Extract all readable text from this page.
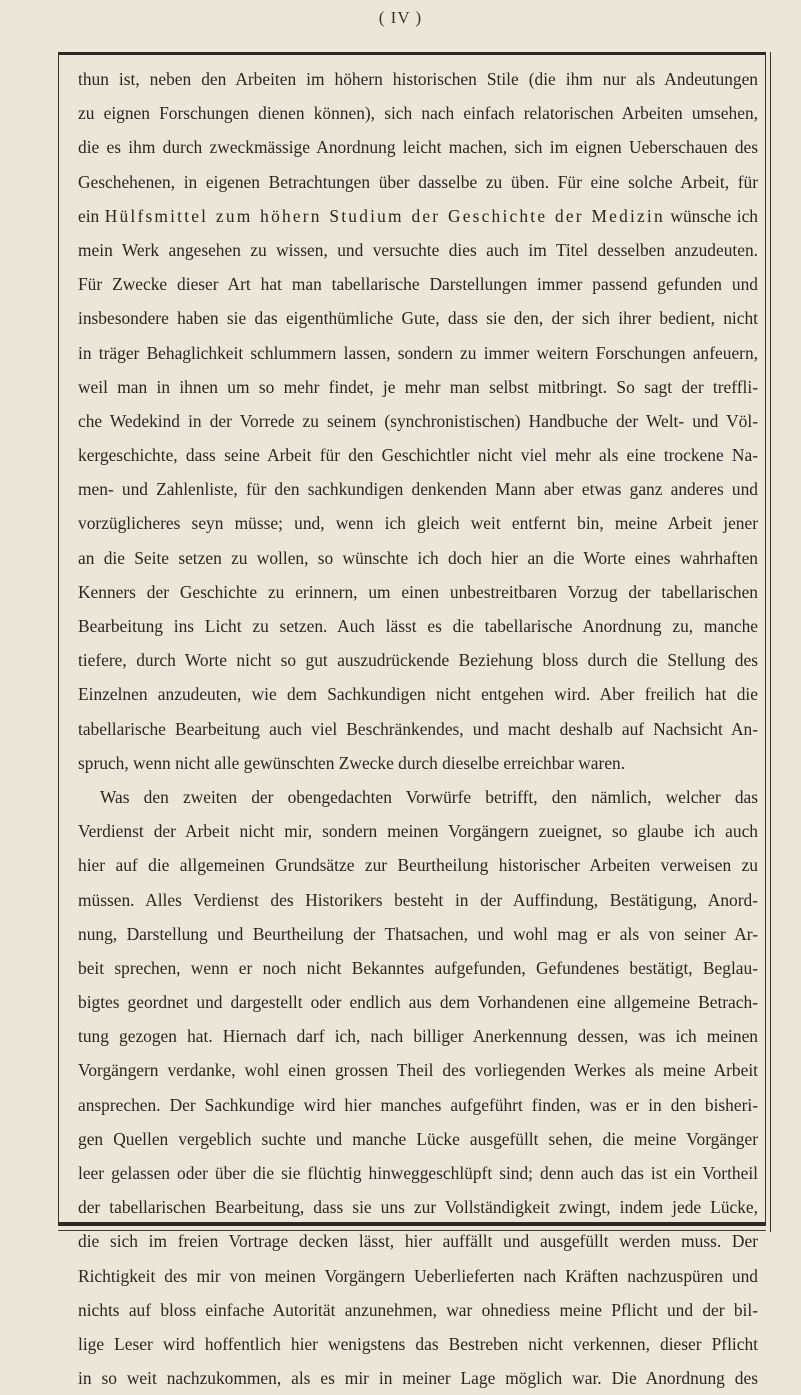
( IV )
thun ist, neben den Arbeiten im höhern historischen Stile (die ihm nur als Andeutungen
zu eignen Forschungen dienen können), sich nach einfach relatorischen Arbeiten umsehen,
die es ihm durch zweckmässige Anordnung leicht machen, sich im eignen Ueberschauen des
Geschehenen, in eigenen Betrachtungen über dasselbe zu üben. Für eine solche Arbeit, für
ein Hülfsmittel zum höhern Studium der Geschichte der Medizin wünsche ich
mein Werk angesehen zu wissen, und versuchte dies auch im Titel desselben anzudeuten.
Für Zwecke dieser Art hat man tabellarische Darstellungen immer passend gefunden und
insbesondere haben sie das eigenthümliche Gute, dass sie den, der sich ihrer bedient, nicht
in träger Behaglichkeit schlummern lassen, sondern zu immer weitern Forschungen anfeuern,
weil man in ihnen um so mehr findet, je mehr man selbst mitbringt. So sagt der treffli-
che Wedekind in der Vorrede zu seinem (synchronistischen) Handbuche der Welt- und Völ-
kergeschichte, dass seine Arbeit für den Geschichtler nicht viel mehr als eine trockene Na-
men- und Zahlenliste, für den sachkundigen denkenden Mann aber etwas ganz anderes und
vorzüglicheres seyn müsse; und, wenn ich gleich weit entfernt bin, meine Arbeit jener
an die Seite setzen zu wollen, so wünschte ich doch hier an die Worte eines wahrhaften
Kenners der Geschichte zu erinnern, um einen unbestreitbaren Vorzug der tabellarischen
Bearbeitung ins Licht zu setzen. Auch lässt es die tabellarische Anordnung zu, manche
tiefere, durch Worte nicht so gut auszudrückende Beziehung bloss durch die Stellung des
Einzelnen anzudeuten, wie dem Sachkundigen nicht entgehen wird. Aber freilich hat die
tabellarische Bearbeitung auch viel Beschränkendes, und macht deshalb auf Nachsicht An-
spruch, wenn nicht alle gewünschten Zwecke durch dieselbe erreichbar waren.
Was den zweiten der obengedachten Vorwürfe betrifft, den nämlich, welcher das
Verdienst der Arbeit nicht mir, sondern meinen Vorgängern zueignet, so glaube ich auch
hier auf die allgemeinen Grundsätze zur Beurtheilung historischer Arbeiten verweisen zu
müssen. Alles Verdienst des Historikers besteht in der Auffindung, Bestätigung, Anord-
nung, Darstellung und Beurtheilung der Thatsachen, und wohl mag er als von seiner Ar-
beit sprechen, wenn er noch nicht Bekanntes aufgefunden, Gefundenes bestätigt, Beglau-
bigtes geordnet und dargestellt oder endlich aus dem Vorhandenen eine allgemeine Betrach-
tung gezogen hat. Hiernach darf ich, nach billiger Anerkennung dessen, was ich meinen
Vorgängern verdanke, wohl einen grossen Theil des vorliegenden Werkes als meine Arbeit
ansprechen. Der Sachkundige wird hier manches aufgeführt finden, was er in den bisheri-
gen Quellen vergeblich suchte und manche Lücke ausgefüllt sehen, die meine Vorgänger
leer gelassen oder über die sie flüchtig hinweggeschlüpft sind; denn auch das ist ein Vortheil
der tabellarischen Bearbeitung, dass sie uns zur Vollständigkeit zwingt, indem jede Lücke,
die sich im freien Vortrage decken lässt, hier auffällt und ausgefüllt werden muss. Der
Richtigkeit des mir von meinen Vorgängern Ueberlieferten nach Kräften nachzuspüren und
nichts auf bloss einfache Autorität anzunehmen, war ohnediess meine Pflicht und der bil-
lige Leser wird hoffentlich hier wenigstens das Bestreben nicht verkennen, dieser Pflicht
in so weit nachzukommen, als es mir in meiner Lage möglich war. Die Anordnung des
